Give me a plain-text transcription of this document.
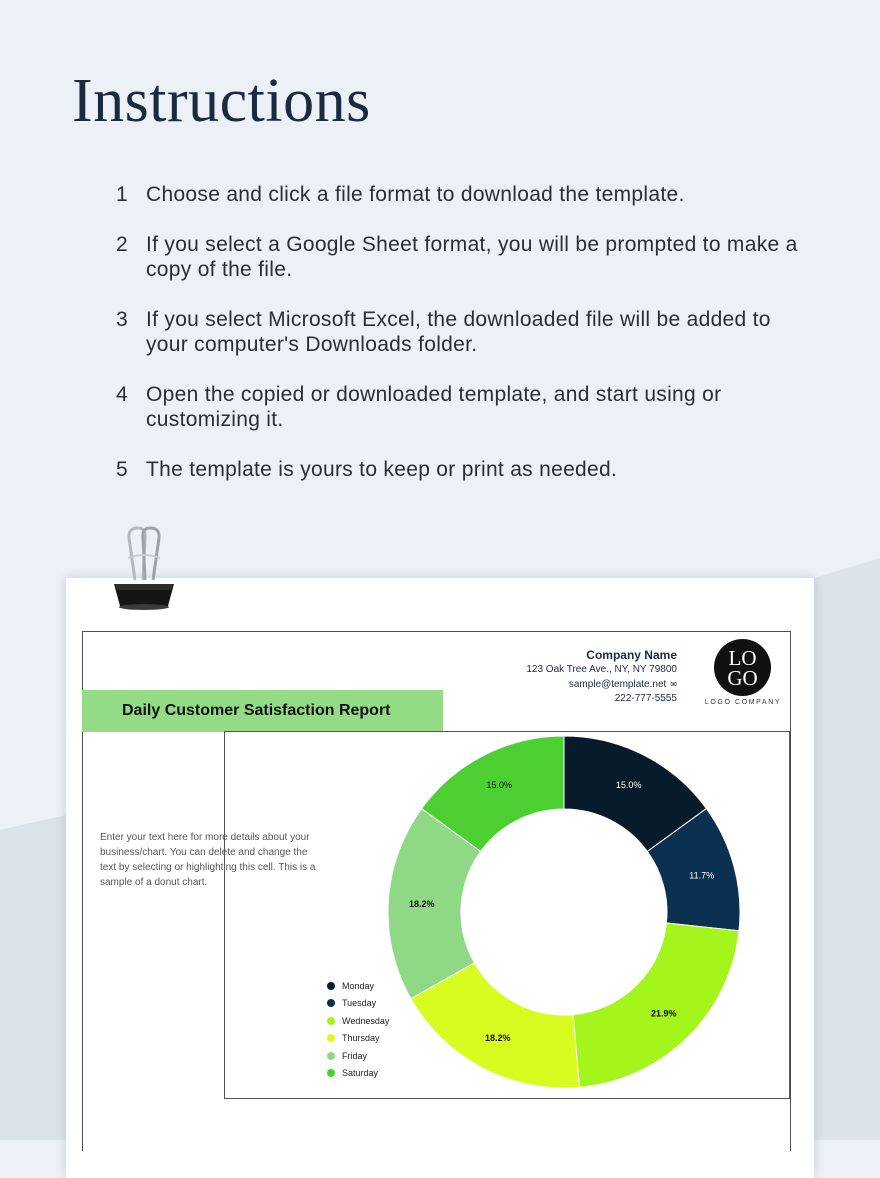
Instructions
1 Choose and click a file format to download the template.
2 If you select a Google Sheet format, you will be prompted to make a copy of the file.
3 If you select Microsoft Excel, the downloaded file will be added to your computer's Downloads folder.
4 Open the copied or downloaded template, and start using or customizing it.
5 The template is yours to keep or print as needed.
Company Name
123 Oak Tree Ave., NY, NY 79800
sample@template.net ✉
222-777-5555
LO
GO
LOGO COMPANY
Daily Customer Satisfaction Report
Enter your text here for more details about your business/chart. You can delete and change the text by selecting or highlighting this cell. This is a sample of a donut chart.
15.0%
11.7%
21.9%
18.2%
18.2%
15.0%
Monday
Tuesday
Wednesday
Thursday
Friday
Saturday
